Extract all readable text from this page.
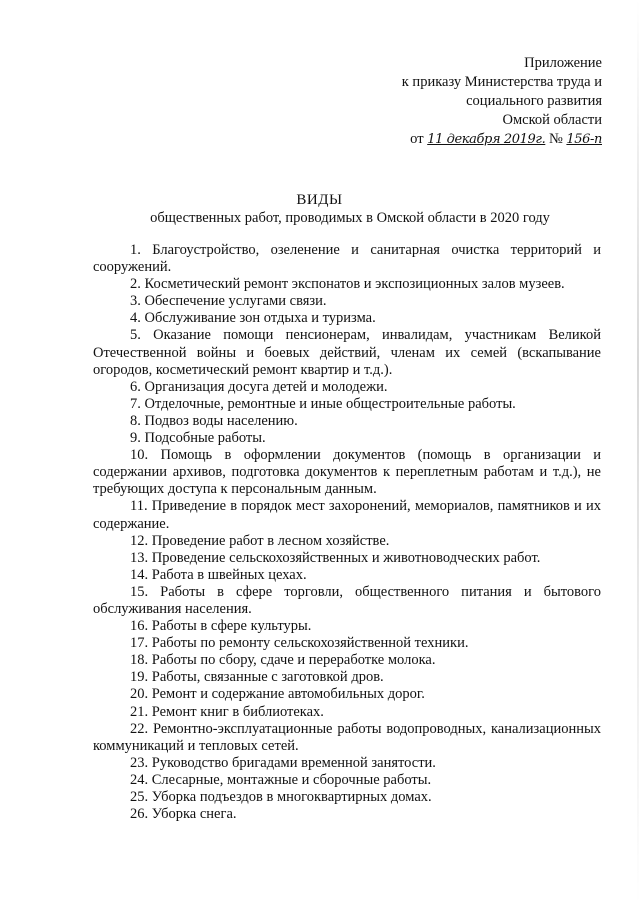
Приложение
к приказу Министерства труда и
социального развития
Омской области
от 11 декабря 2019г. № 156-п
ВИДЫ
общественных работ, проводимых в Омской области в 2020 году
1. Благоустройство, озеленение и санитарная очистка территорий и сооружений.
2. Косметический ремонт экспонатов и экспозиционных залов музеев.
3. Обеспечение услугами связи.
4. Обслуживание зон отдыха и туризма.
5. Оказание помощи пенсионерам, инвалидам, участникам Великой Отечественной войны и боевых действий, членам их семей (вскапывание огородов, косметический ремонт квартир и т.д.).
6. Организация досуга детей и молодежи.
7. Отделочные, ремонтные и иные общестроительные работы.
8. Подвоз воды населению.
9. Подсобные работы.
10. Помощь в оформлении документов (помощь в организации и содержании архивов, подготовка документов к переплетным работам и т.д.), не требующих доступа к персональным данным.
11. Приведение в порядок мест захоронений, мемориалов, памятников и их содержание.
12. Проведение работ в лесном хозяйстве.
13. Проведение сельскохозяйственных и животноводческих работ.
14. Работа в швейных цехах.
15. Работы в сфере торговли, общественного питания и бытового обслуживания населения.
16. Работы в сфере культуры.
17. Работы по ремонту сельскохозяйственной техники.
18. Работы по сбору, сдаче и переработке молока.
19. Работы, связанные с заготовкой дров.
20. Ремонт и содержание автомобильных дорог.
21. Ремонт книг в библиотеках.
22. Ремонтно-эксплуатационные работы водопроводных, канализационных коммуникаций и тепловых сетей.
23. Руководство бригадами временной занятости.
24. Слесарные, монтажные и сборочные работы.
25. Уборка подъездов в многоквартирных домах.
26. Уборка снега.
